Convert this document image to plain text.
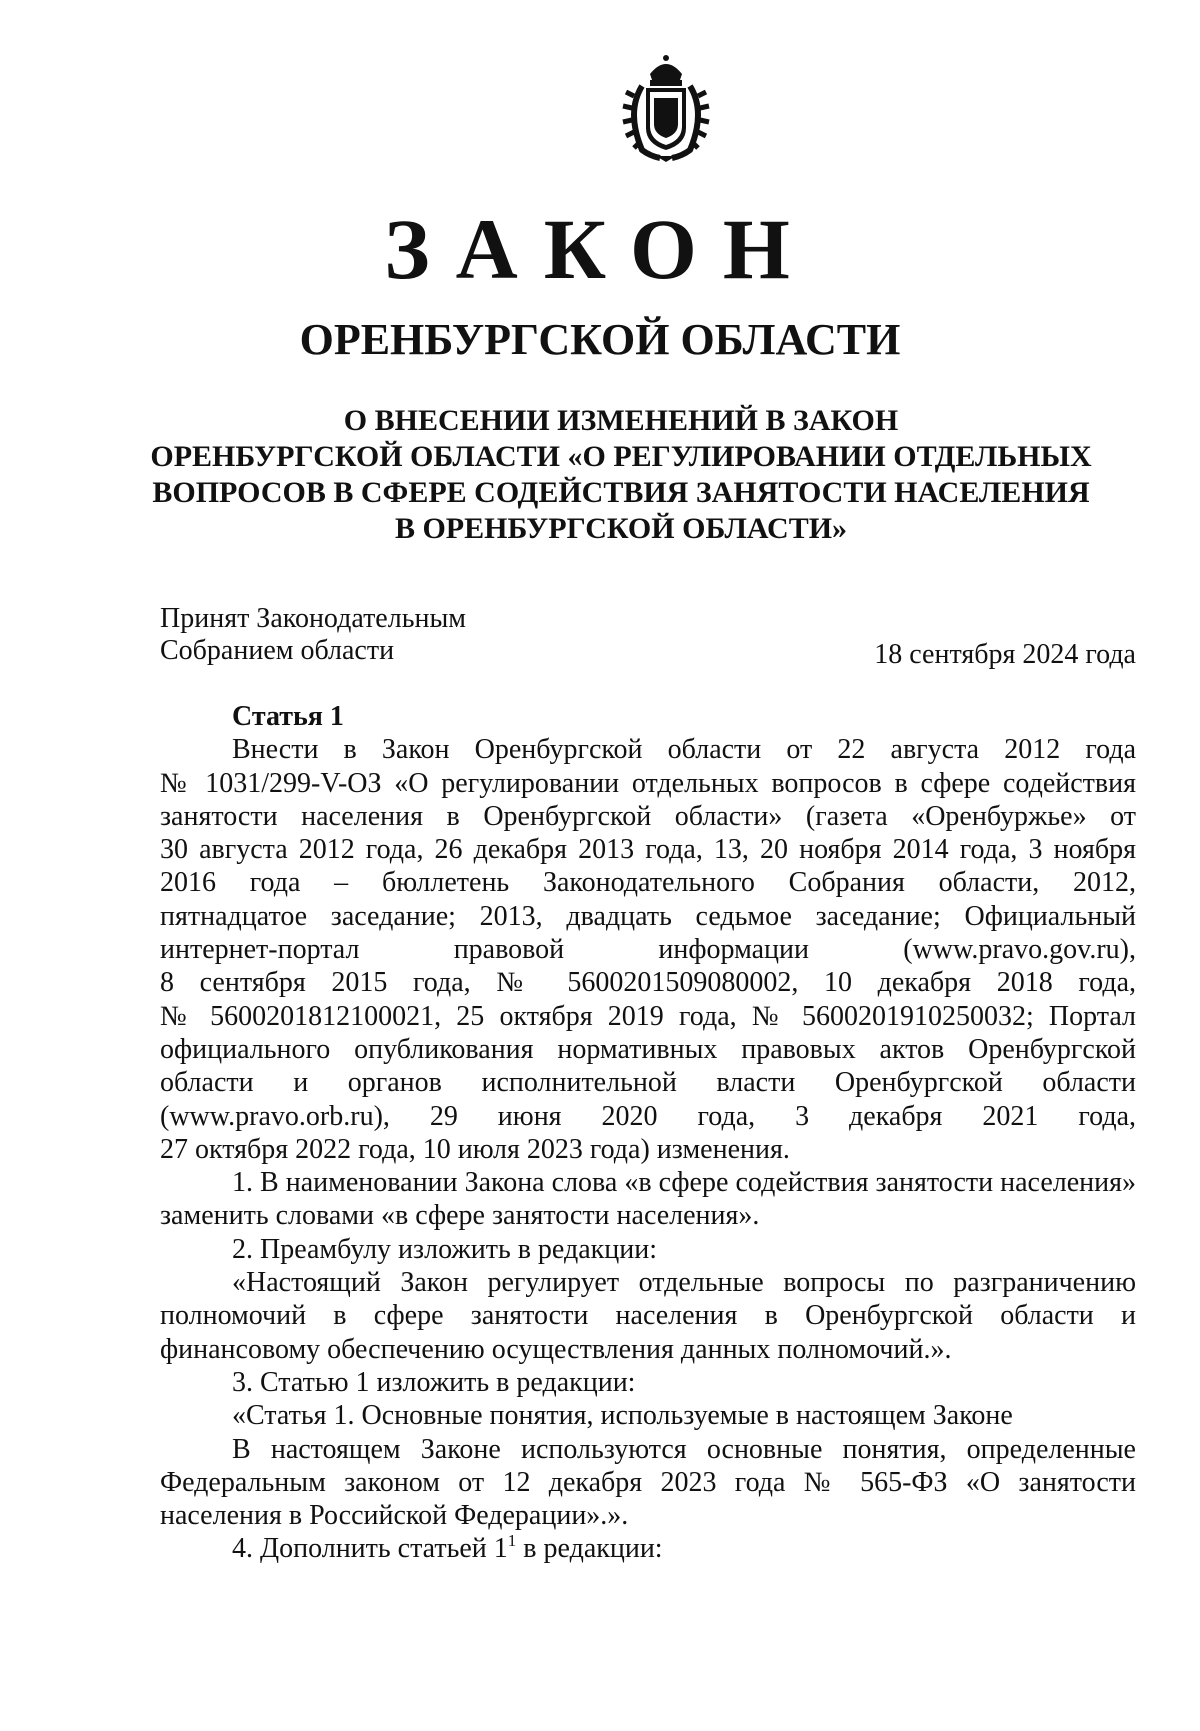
ЗАКОН
ОРЕНБУРГСКОЙ ОБЛАСТИ
О ВНЕСЕНИИ ИЗМЕНЕНИЙ В ЗАКОН
ОРЕНБУРГСКОЙ ОБЛАСТИ «О РЕГУЛИРОВАНИИ ОТДЕЛЬНЫХ
ВОПРОСОВ В СФЕРЕ СОДЕЙСТВИЯ ЗАНЯТОСТИ НАСЕЛЕНИЯ
В ОРЕНБУРГСКОЙ ОБЛАСТИ»
Принят Законодательным
Собранием области	18 сентября 2024 года

Статья 1

Внести в Закон Оренбургской области от 22 августа 2012 года

№ 1031/299-V-ОЗ «О регулировании отдельных вопросов в сфере содействия

занятости населения в Оренбургской области» (газета «Оренбуржье» от

30 августа 2012 года, 26 декабря 2013 года, 13, 20 ноября 2014 года, 3 ноября

2016 года – бюллетень Законодательного Собрания области, 2012,

пятнадцатое заседание; 2013, двадцать седьмое заседание; Официальный

интернет-портал правовой информации (www.pravo.gov.ru),

8 сентября 2015 года, № 5600201509080002, 10 декабря 2018 года,

№ 5600201812100021, 25 октября 2019 года, № 5600201910250032; Портал

официального опубликования нормативных правовых актов Оренбургской

области и органов исполнительной власти Оренбургской области

(www.pravo.orb.ru), 29 июня 2020 года, 3 декабря 2021 года,

27 октября 2022 года, 10 июля 2023 года) изменения.

1. В наименовании Закона слова «в сфере содействия занятости населения» заменить словами «в сфере занятости населения».

2. Преамбулу изложить в редакции:

«Настоящий Закон регулирует отдельные вопросы по разграничению полномочий в сфере занятости населения в Оренбургской области и финансовому обеспечению осуществления данных полномочий.».

3. Статью 1 изложить в редакции:

«Статья 1. Основные понятия, используемые в настоящем Законе

В настоящем Законе используются основные понятия, определенные Федеральным законом от 12 декабря 2023 года № 565-ФЗ «О занятости населения в Российской Федерации».».

4. Дополнить статьей $1^1$ в редакции:
